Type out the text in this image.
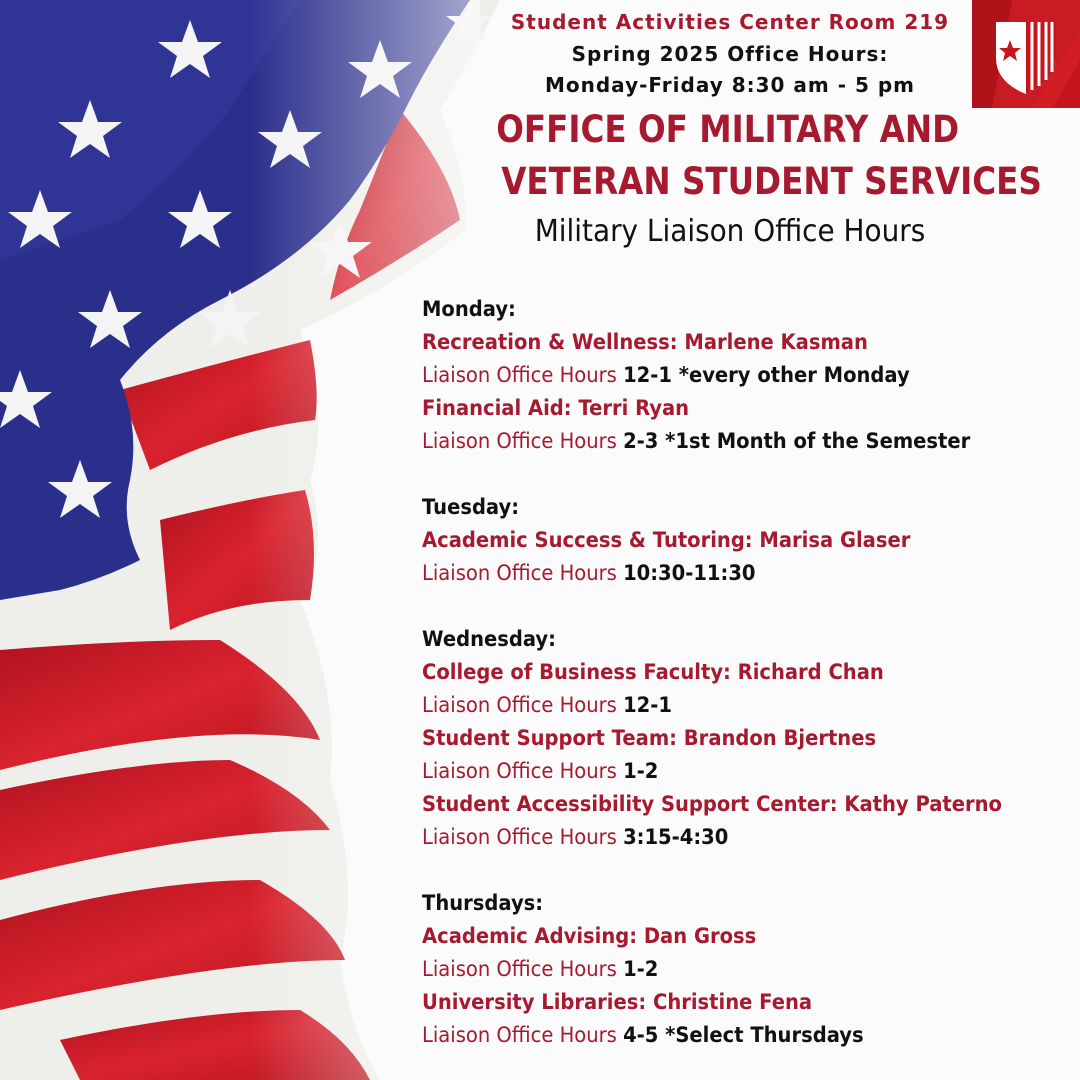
Student Activities Center Room 219
Spring 2025 Office Hours:
Monday-Friday 8:30 am - 5 pm
OFFICE OF MILITARY AND
VETERAN STUDENT SERVICES
Military Liaison Office Hours
Monday:
Recreation & Wellness: Marlene Kasman
Liaison Office Hours 12-1 *every other Monday
Financial Aid: Terri Ryan
Liaison Office Hours 2-3 *1st Month of the Semester
Tuesday:
Academic Success & Tutoring: Marisa Glaser
Liaison Office Hours 10:30-11:30
Wednesday:
College of Business Faculty: Richard Chan
Liaison Office Hours 12-1
Student Support Team: Brandon Bjertnes
Liaison Office Hours 1-2
Student Accessibility Support Center: Kathy Paterno
Liaison Office Hours 3:15-4:30
Thursdays:
Academic Advising: Dan Gross
Liaison Office Hours 1-2
University Libraries: Christine Fena
Liaison Office Hours 4-5 *Select Thursdays
